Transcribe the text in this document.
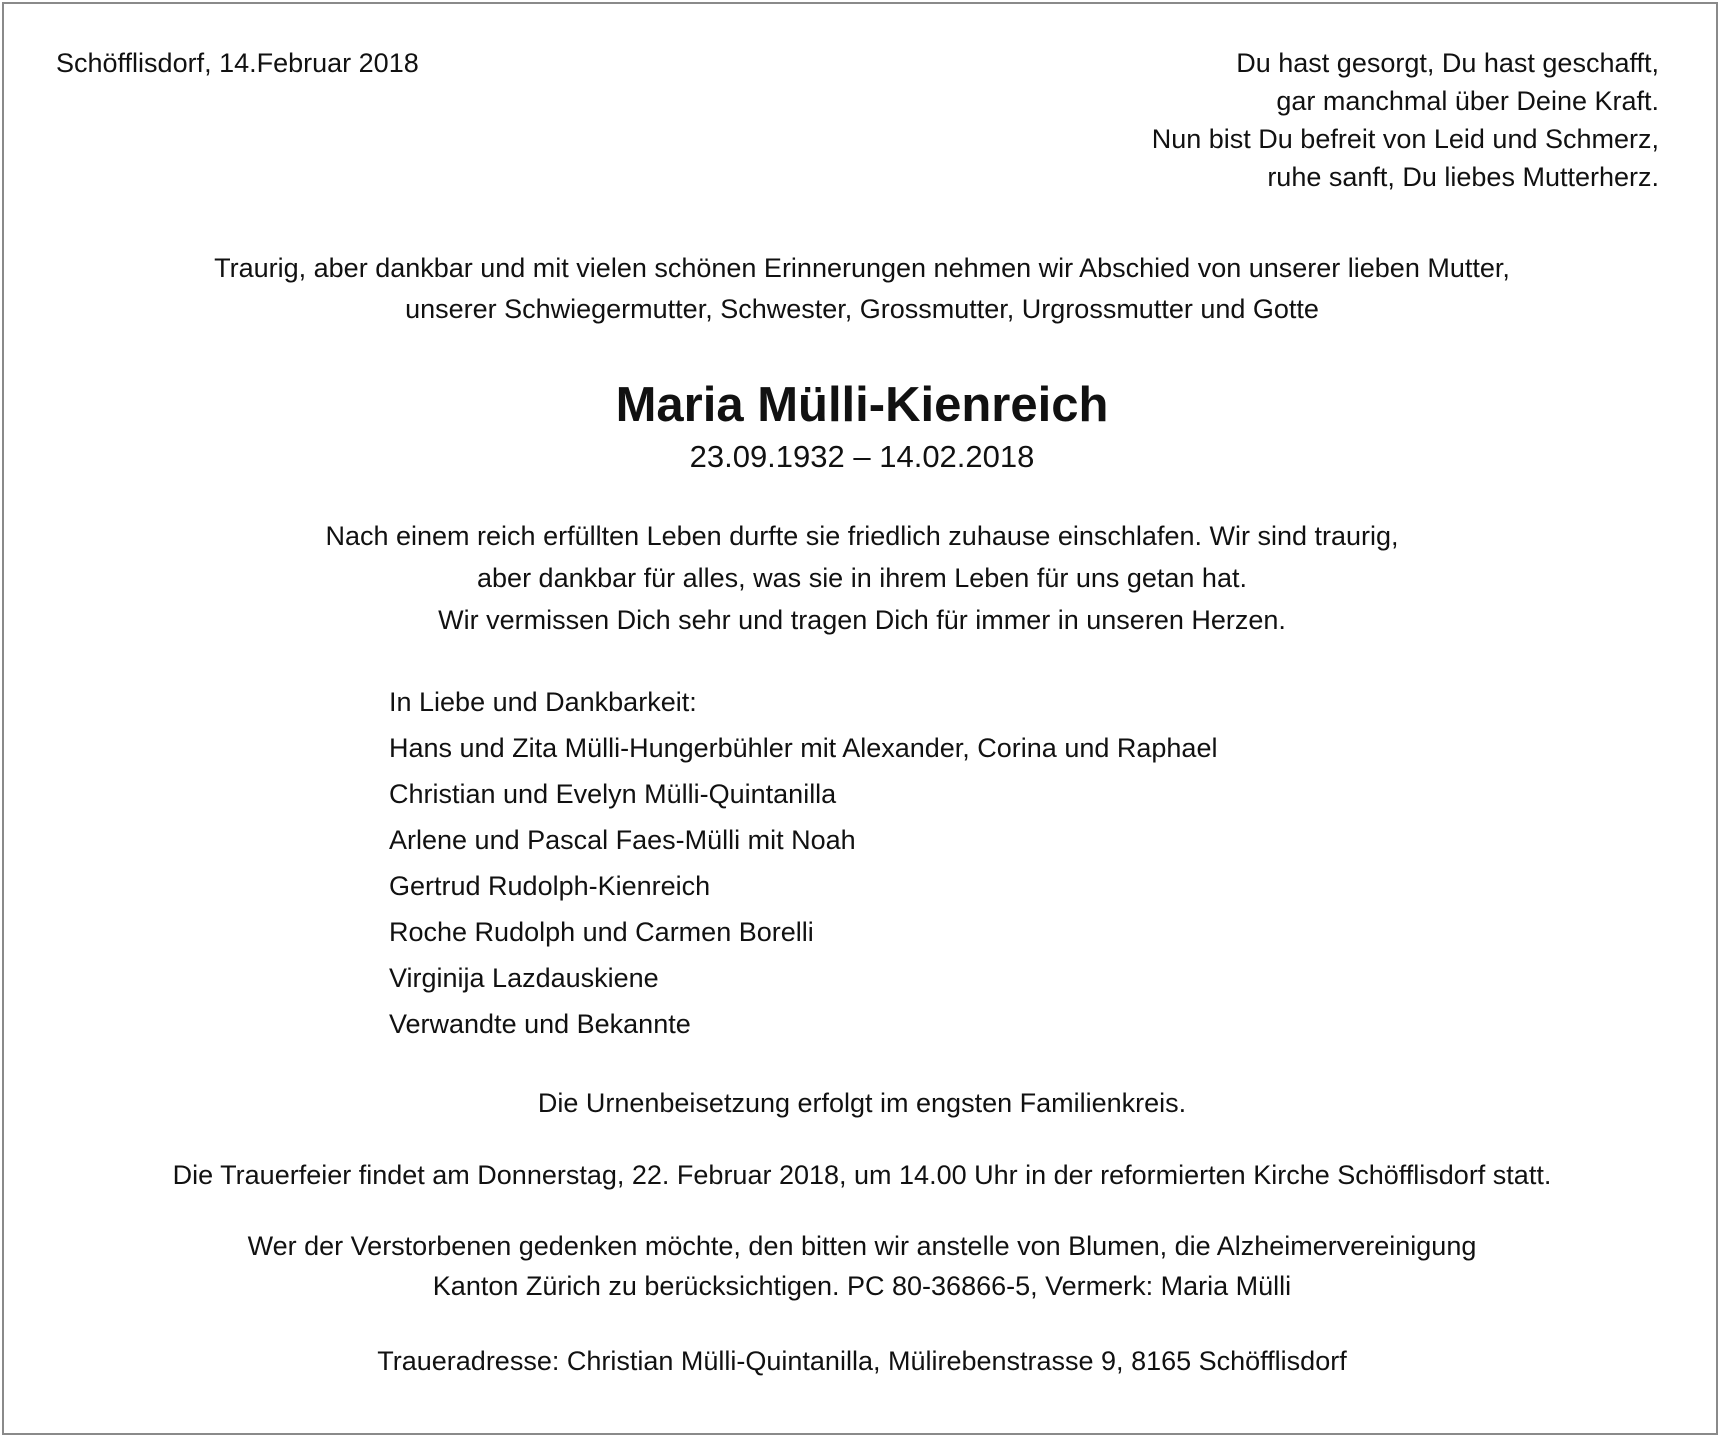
Schöfflisdorf, 14.Februar 2018	Du hast gesorgt, Du hast geschafft,
gar manchmal über Deine Kraft.
Nun bist Du befreit von Leid und Schmerz,
ruhe sanft, Du liebes Mutterherz.
Traurig, aber dankbar und mit vielen schönen Erinnerungen nehmen wir Abschied von unserer lieben Mutter,
unserer Schwiegermutter, Schwester, Grossmutter, Urgrossmutter und Gotte
Maria Mülli-Kienreich
23.09.1932 – 14.02.2018
Nach einem reich erfüllten Leben durfte sie friedlich zuhause einschlafen. Wir sind traurig,
aber dankbar für alles, was sie in ihrem Leben für uns getan hat.
Wir vermissen Dich sehr und tragen Dich für immer in unseren Herzen.
In Liebe und Dankbarkeit:
Hans und Zita Mülli-Hungerbühler mit Alexander, Corina und Raphael
Christian und Evelyn Mülli-Quintanilla
Arlene und Pascal Faes-Mülli mit Noah
Gertrud Rudolph-Kienreich
Roche Rudolph und Carmen Borelli
Virginija Lazdauskiene
Verwandte und Bekannte
Die Urnenbeisetzung erfolgt im engsten Familienkreis.
Die Trauerfeier findet am Donnerstag, 22. Februar 2018, um 14.00 Uhr in der reformierten Kirche Schöfflisdorf statt.
Wer der Verstorbenen gedenken möchte, den bitten wir anstelle von Blumen, die Alzheimervereinigung
Kanton Zürich zu berücksichtigen. PC 80-36866-5, Vermerk: Maria Mülli
Traueradresse: Christian Mülli-Quintanilla, Mülirebenstrasse 9, 8165 Schöfflisdorf
